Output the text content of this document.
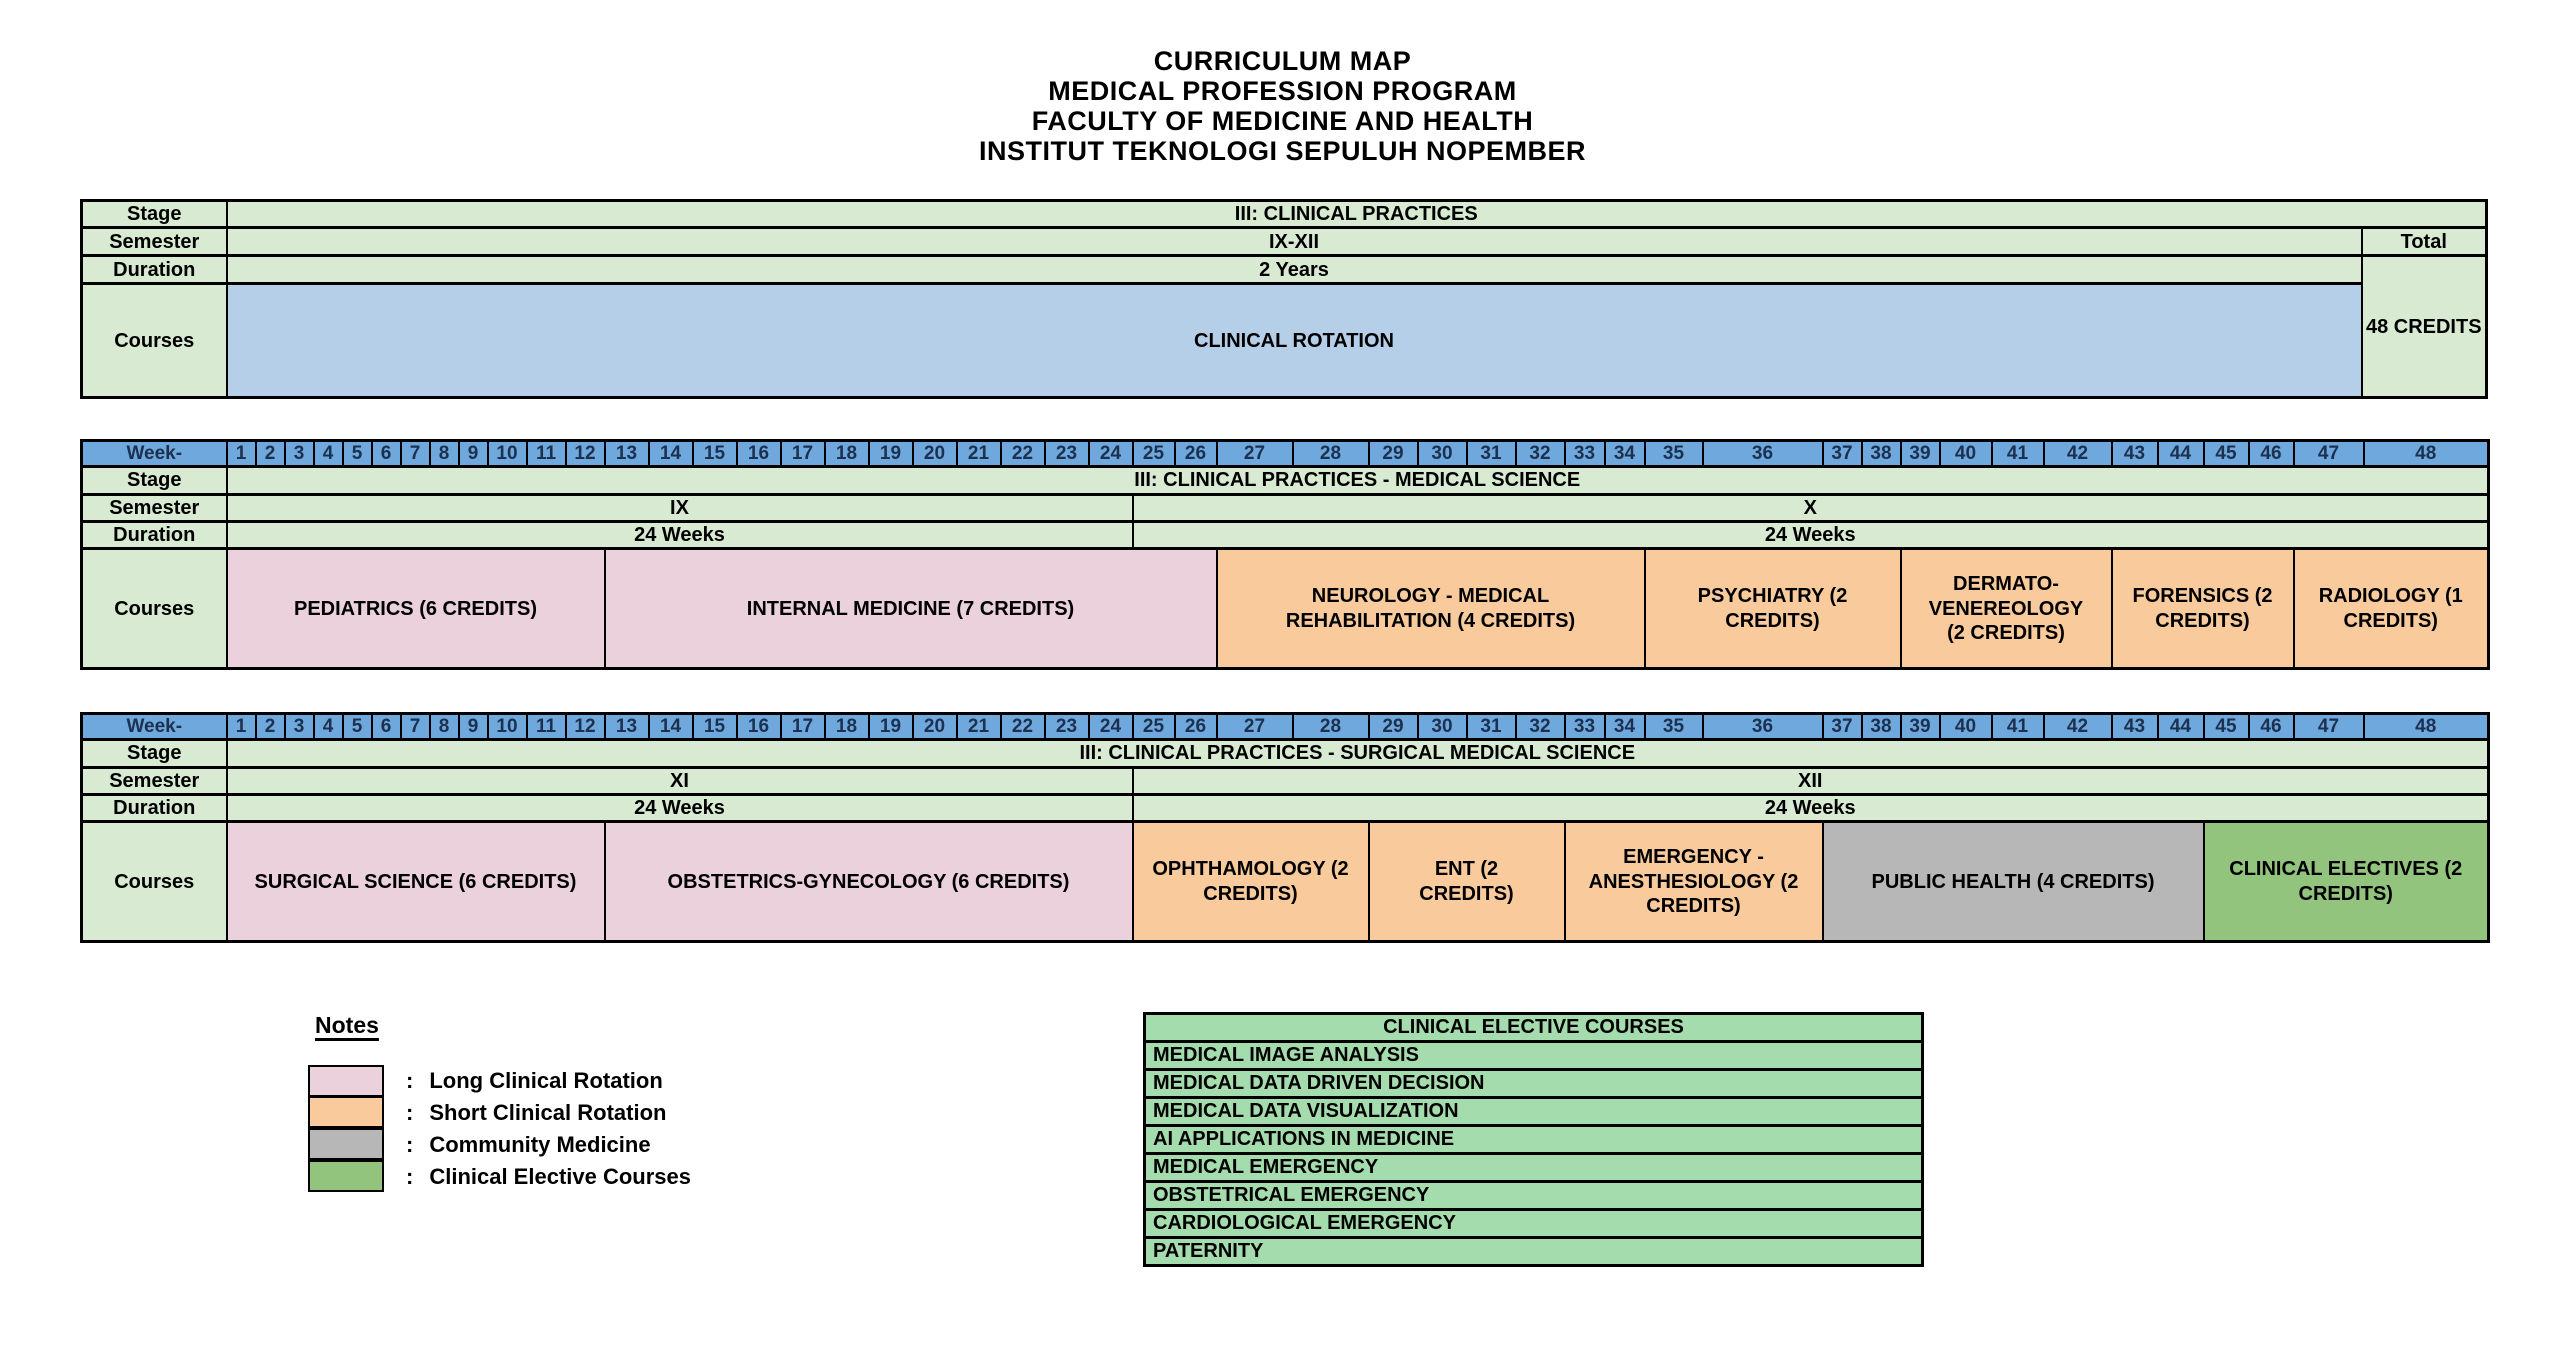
CURRICULUM MAP
MEDICAL PROFESSION PROGRAM
FACULTY OF MEDICINE AND HEALTH
INSTITUT TEKNOLOGI SEPULUH NOPEMBER
Stage	III: CLINICAL PRACTICES	
Semester	IX-XII	Total
Duration	2 Years	48 CREDITS
Courses	CLINICAL ROTATION	
Week-	1	2	3	4	5	6	7	8	9	10	11	12	13	14	15	16	17	18	19	20	21	22	23	24	25	26	27	28	29	30	31	32	33	34	35	36	37	38	39	40	41	42	43	44	45	46	47	48
Stage	III: CLINICAL PRACTICES - MEDICAL SCIENCE																																															
Semester	IX																								X																							
Duration	24 Weeks																								24 Weeks																							
Courses	PEDIATRICS (6 CREDITS)												INTERNAL MEDICINE (7 CREDITS)														NEUROLOGY - MEDICAL REHABILITATION (4 CREDITS)								PSYCHIATRY (2 CREDITS)				DERMATO-VENEREOLOGY (2 CREDITS)				FORENSICS (2 CREDITS)				RADIOLOGY (1 CREDITS)	
Week-	1	2	3	4	5	6	7	8	9	10	11	12	13	14	15	16	17	18	19	20	21	22	23	24	25	26	27	28	29	30	31	32	33	34	35	36	37	38	39	40	41	42	43	44	45	46	47	48
Stage	III: CLINICAL PRACTICES - SURGICAL MEDICAL SCIENCE																																															
Semester	XI																								XII																							
Duration	24 Weeks																								24 Weeks																							
Courses	SURGICAL SCIENCE (6 CREDITS)												OBSTETRICS-GYNECOLOGY (6 CREDITS)												OPHTHAMOLOGY (2 CREDITS)				ENT (2 CREDITS)				EMERGENCY - ANESTHESIOLOGY (2 CREDITS)				PUBLIC HEALTH (4 CREDITS)								CLINICAL ELECTIVES (2 CREDITS)			
Notes
: Long Clinical Rotation
: Short Clinical Rotation
: Community Medicine
: Clinical Elective Courses
CLINICAL ELECTIVE COURSES
MEDICAL IMAGE ANALYSIS
MEDICAL DATA DRIVEN DECISION
MEDICAL DATA VISUALIZATION
AI APPLICATIONS IN MEDICINE
MEDICAL EMERGENCY
OBSTETRICAL EMERGENCY
CARDIOLOGICAL EMERGENCY
PATERNITY
